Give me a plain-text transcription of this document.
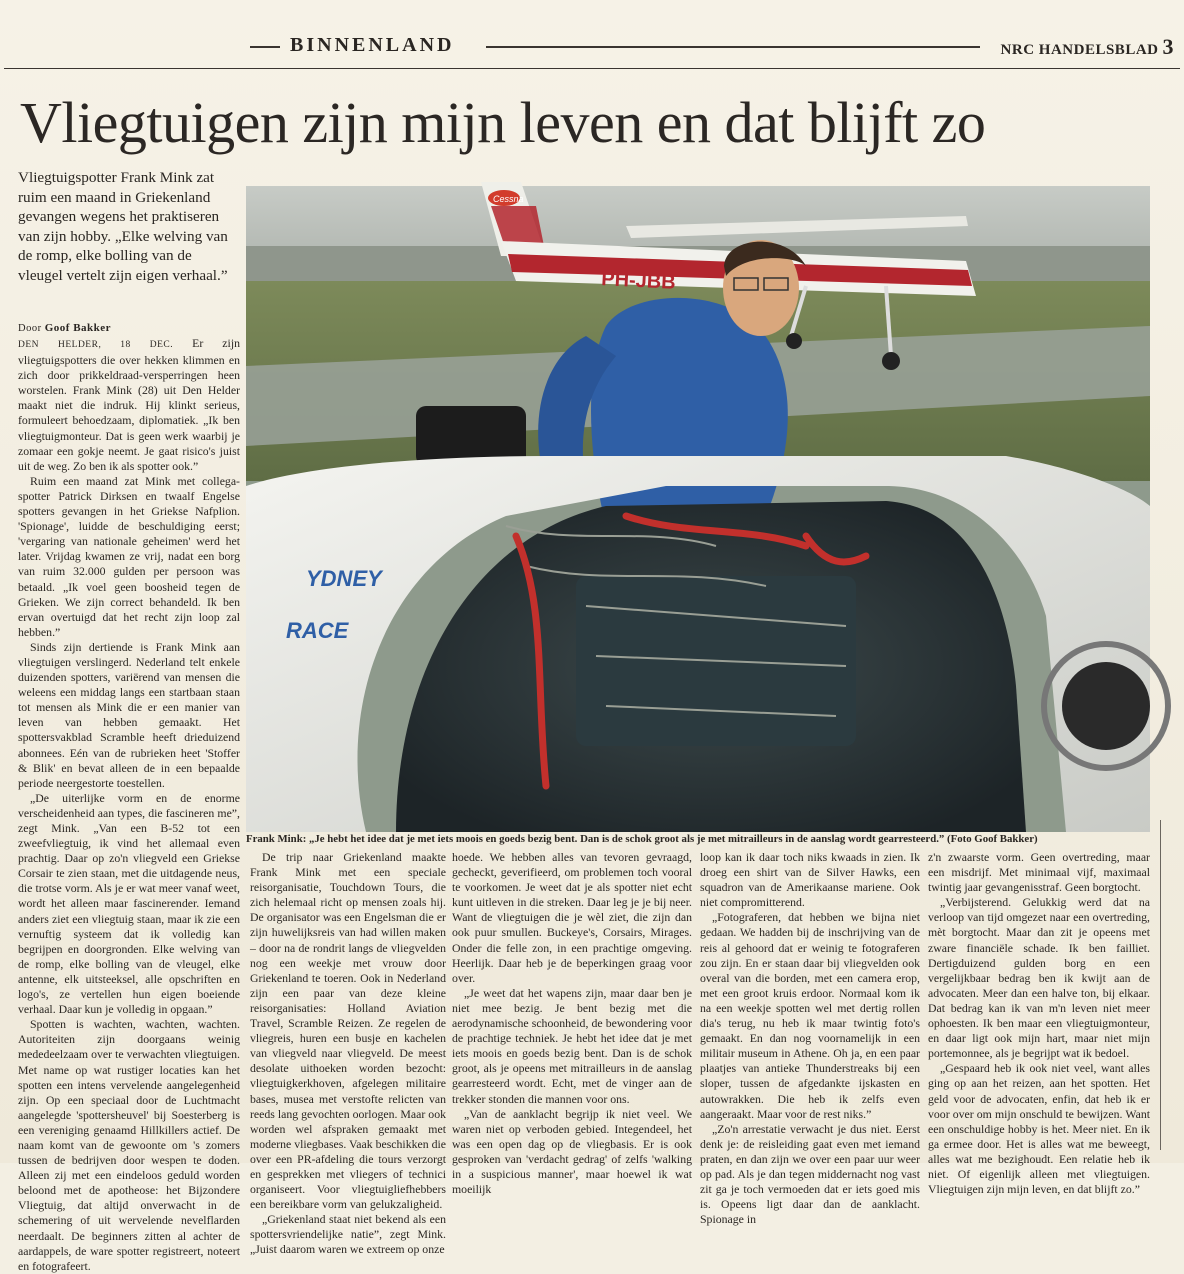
BINNENLAND	NRC HANDELSBLAD 3
Vliegtuigen zijn mijn leven en dat blijft zo
Vliegtuigspotter Frank Mink zat ruim een maand in Griekenland gevangen wegens het praktiseren van zijn hobby. „Elke welving van de romp, elke bolling van de vleugel vertelt zijn eigen verhaal.”
Door Goof Bakker

DEN HELDER, 18 DEC. Er zijn vliegtuigspotters die over hekken klimmen en zich door prikkeldraad-versperringen heen worstelen. Frank Mink (28) uit Den Helder maakt niet die indruk. Hij klinkt serieus, formuleert behoedzaam, diplomatiek. „Ik ben vliegtuigmonteur. Dat is geen werk waarbij je zomaar een gokje neemt. Je gaat risico's juist uit de weg. Zo ben ik als spotter ook.”

Ruim een maand zat Mink met collega-spotter Patrick Dirksen en twaalf Engelse spotters gevangen in het Griekse Nafplion. 'Spionage', luidde de beschuldiging eerst; 'vergaring van nationale geheimen' werd het later. Vrijdag kwamen ze vrij, nadat een borg van ruim 32.000 gulden per persoon was betaald. „Ik voel geen boosheid tegen de Grieken. We zijn correct behandeld. Ik ben ervan overtuigd dat het recht zijn loop zal hebben.”

Sinds zijn dertiende is Frank Mink aan vliegtuigen verslingerd. Nederland telt enkele duizenden spotters, variërend van mensen die weleens een middag langs een startbaan staan tot mensen als Mink die er een manier van leven van hebben gemaakt. Het spottersvakblad Scramble heeft drieduizend abonnees. Eén van de rubrieken heet 'Stoffer & Blik' en bevat alleen de in een bepaalde periode neergestorte toestellen.

„De uiterlijke vorm en de enorme verscheidenheid aan types, die fascineren me”, zegt Mink. „Van een B-52 tot een zweefvliegtuig, ik vind het allemaal even prachtig. Daar op zo'n vliegveld een Griekse Corsair te zien staan, met die uitdagende neus, die trotse vorm. Als je er wat meer vanaf weet, wordt het alleen maar fascinerender. Iemand anders ziet een vliegtuig staan, maar ik zie een vernuftig systeem dat ik volledig kan begrijpen en doorgronden. Elke welving van de romp, elke bolling van de vleugel, elke antenne, elk uitsteeksel, alle opschriften en logo's, ze vertellen hun eigen boeiende verhaal. Daar kun je volledig in opgaan.”

Spotten is wachten, wachten, wachten. Autoriteiten zijn doorgaans weinig mededeelzaam over te verwachten vliegtuigen. Met name op wat rustiger locaties kan het spotten een intens vervelende aangelegenheid zijn. Op een speciaal door de Luchtmacht aangelegde 'spottersheuvel' bij Soesterberg is een vereniging genaamd Hillkillers actief. De naam komt van de gewoonte om 's zomers tussen de bedrijven door wespen te doden. Alleen zij met een eindeloos geduld worden beloond met de apotheose: het Bijzondere Vliegtuig, dat altijd onverwacht in de schemering of uit wervelende nevelflarden neerdaalt. De beginners zitten al achter de aardappels, de ware spotter registreert, noteert en fotografeert.

Cessna
PH-JBB
YDNEY
RACE
Frank Mink: „Je hebt het idee dat je met iets moois en goeds bezig bent. Dan is de schok groot als je met mitrailleurs in de aanslag wordt gearresteerd.” (Foto Goof Bakker)

De trip naar Griekenland maakte Frank Mink met een speciale reisorganisatie, Touchdown Tours, die zich helemaal richt op mensen zoals hij. De organisator was een Engelsman die er zijn huwelijksreis van had willen maken – door na de rondrit langs de vliegvelden nog een weekje met vrouw door Griekenland te toeren. Ook in Nederland zijn een paar van deze kleine reisorganisaties: Holland Aviation Travel, Scramble Reizen. Ze regelen de vliegreis, huren een busje en kachelen van vliegveld naar vliegveld. De meest desolate uithoeken worden bezocht: vliegtuigkerkhoven, afgelegen militaire bases, musea met verstofte relicten van reeds lang gevochten oorlogen. Maar ook worden wel afspraken gemaakt met moderne vliegbases. Vaak beschikken die over een PR-afdeling die tours verzorgt en gesprekken met vliegers of technici organiseert. Voor vliegtuigliefhebbers een bereikbare vorm van gelukzaligheid.

„Griekenland staat niet bekend als een spottersvriendelijke natie”, zegt Mink. „Juist daarom waren we extreem op onze

hoede. We hebben alles van tevoren gevraagd, gecheckt, geverifieerd, om problemen toch vooral te voorkomen. Je weet dat je als spotter niet echt kunt uitleven in die streken. Daar leg je je bij neer. Want de vliegtuigen die je wèl ziet, die zijn dan ook puur smullen. Buckeye's, Corsairs, Mirages. Onder die felle zon, in een prachtige omgeving. Heerlijk. Daar heb je de beperkingen graag voor over.

„Je weet dat het wapens zijn, maar daar ben je niet mee bezig. Je bent bezig met die aerodynamische schoonheid, de bewondering voor de prachtige techniek. Je hebt het idee dat je met iets moois en goeds bezig bent. Dan is de schok groot, als je opeens met mitrailleurs in de aanslag gearresteerd wordt. Echt, met de vinger aan de trekker stonden die mannen voor ons.

„Van de aanklacht begrijp ik niet veel. We waren niet op verboden gebied. Integendeel, het was een open dag op de vliegbasis. Er is ook gesproken van 'verdacht gedrag' of zelfs 'walking in a suspicious manner', maar hoewel ik wat moeilijk

loop kan ik daar toch niks kwaads in zien. Ik droeg een shirt van de Silver Hawks, een squadron van de Amerikaanse mariene. Ook niet compromitterend.

„Fotograferen, dat hebben we bijna niet gedaan. We hadden bij de inschrijving van de reis al gehoord dat er weinig te fotograferen zou zijn. En er staan daar bij vliegvelden ook overal van die borden, met een camera erop, met een groot kruis erdoor. Normaal kom ik na een weekje spotten wel met dertig rollen dia's terug, nu heb ik maar twintig foto's gemaakt. En dan nog voornamelijk in een militair museum in Athene. Oh ja, en een paar plaatjes van antieke Thunderstreaks bij een sloper, tussen de afgedankte ijskasten en autowrakken. Die heb ik zelfs even aangeraakt. Maar voor de rest niks.”

„Zo'n arrestatie verwacht je dus niet. Eerst denk je: de reisleiding gaat even met iemand praten, en dan zijn we over een paar uur weer op pad. Als je dan tegen middernacht nog vast zit ga je toch vermoeden dat er iets goed mis is. Opeens ligt daar dan de aanklacht. Spionage in

z'n zwaarste vorm. Geen overtreding, maar een misdrijf. Met minimaal vijf, maximaal twintig jaar gevangenisstraf. Geen borgtocht.

„Verbijsterend. Gelukkig werd dat na verloop van tijd omgezet naar een overtreding, mèt borgtocht. Maar dan zit je opeens met zware financiële schade. Ik ben failliet. Dertigduizend gulden borg en een vergelijkbaar bedrag ben ik kwijt aan de advocaten. Meer dan een halve ton, bij elkaar. Dat bedrag kan ik van m'n leven niet meer ophoesten. Ik ben maar een vliegtuigmonteur, en daar ligt ook mijn hart, maar niet mijn portemonnee, als je begrijpt wat ik bedoel.

„Gespaard heb ik ook niet veel, want alles ging op aan het reizen, aan het spotten. Het geld voor de advocaten, enfin, dat heb ik er voor over om mijn onschuld te bewijzen. Want een onschuldige hobby is het. Meer niet. En ik ga ermee door. Het is alles wat me beweegt, alles wat me bezighoudt. Een relatie heb ik niet. Of eigenlijk alleen met vliegtuigen. Vliegtuigen zijn mijn leven, en dat blijft zo.”
